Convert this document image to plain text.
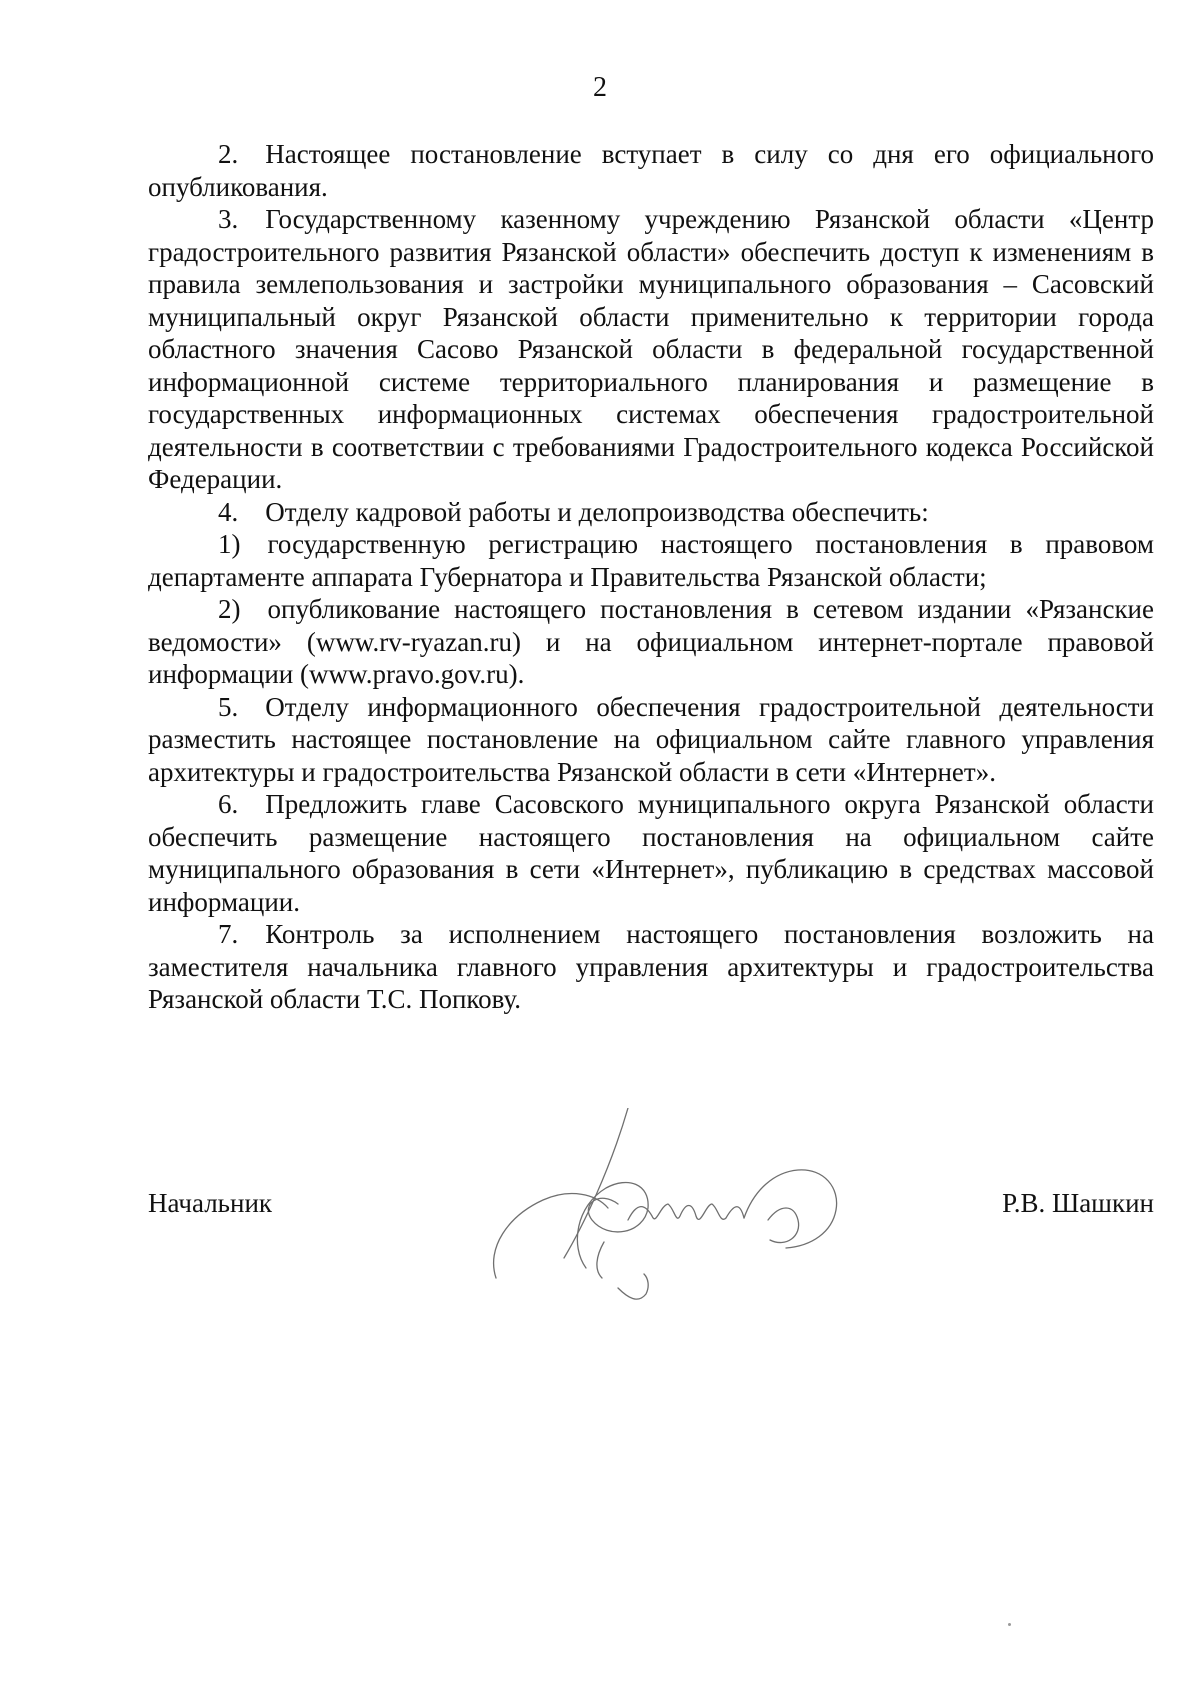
2

2. Настоящее постановление вступает в силу со дня его официального опубликования.

3. Государственному казенному учреждению Рязанской области «Центр градостроительного развития Рязанской области» обеспечить доступ к изменениям в правила землепользования и застройки муниципального образования – Сасовский муниципальный округ Рязанской области применительно к территории города областного значения Сасово Рязанской области в федеральной государственной информационной системе территориального планирования и размещение в государственных информационных системах обеспечения градостроительной деятельности в соответствии с требованиями Градостроительного кодекса Российской Федерации.

4. Отделу кадровой работы и делопроизводства обеспечить:

1) государственную регистрацию настоящего постановления в правовом департаменте аппарата Губернатора и Правительства Рязанской области;

2) опубликование настоящего постановления в сетевом издании «Рязанские ведомости» (www.rv-ryazan.ru) и на официальном интернет-портале правовой информации (www.pravo.gov.ru).

5. Отделу информационного обеспечения градостроительной деятельности разместить настоящее постановление на официальном сайте главного управления архитектуры и градостроительства Рязанской области в сети «Интернет».

6. Предложить главе Сасовского муниципального округа Рязанской области обеспечить размещение настоящего постановления на официальном сайте муниципального образования в сети «Интернет», публикацию в средствах массовой информации.

7. Контроль за исполнением настоящего постановления возложить на заместителя начальника главного управления архитектуры и градостроительства Рязанской области Т.С. Попкову.

Начальник	Р.В. Шашкин
